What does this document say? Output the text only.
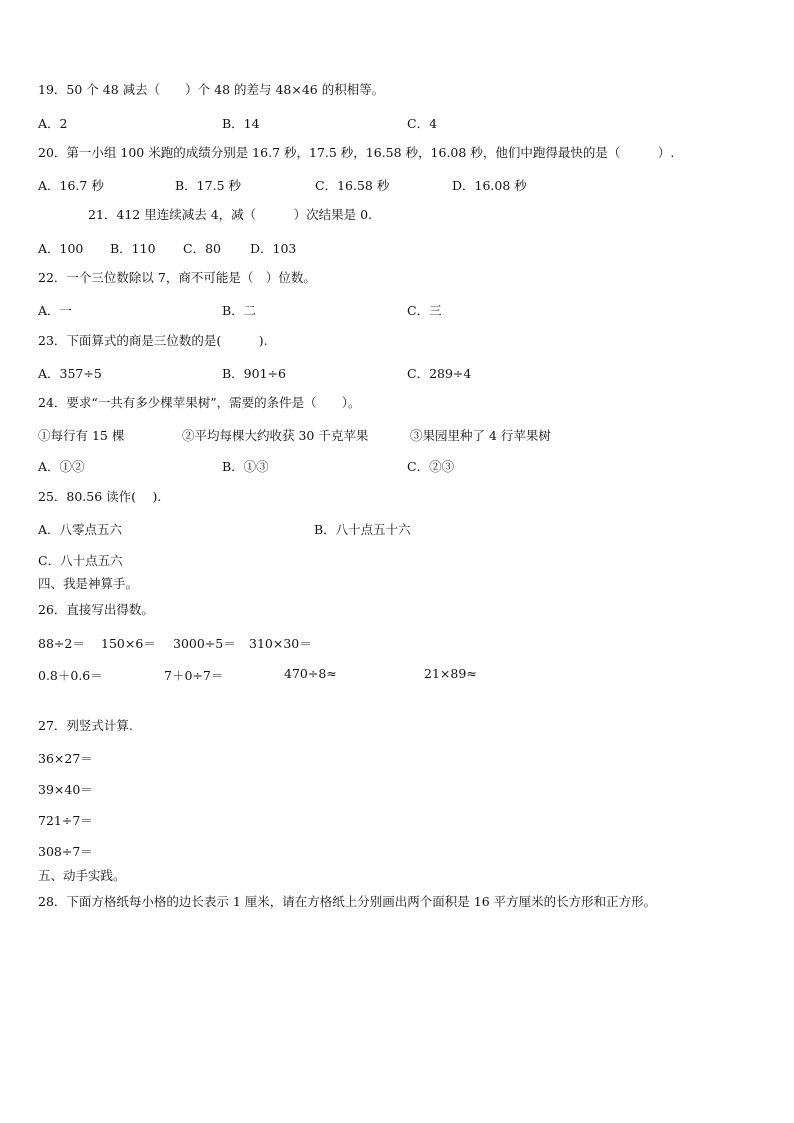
19．50 个 48 减去（　　）个 48 的差与 48×46 的积相等。
A．2	B．14	C．4
20．第一小组 100 米跑的成绩分别是 16.7 秒，17.5 秒，16.58 秒，16.08 秒，他们中跑得最快的是（　　　）.
A．16.7 秒	B．17.5 秒	C．16.58 秒	D．16.08 秒
21．412 里连续减去 4，减（　　　）次结果是 0.
A．100 B．110 C．80 D．103
22．一个三位数除以 7，商不可能是（　）位数。
A．一	B．二	C．三
23．下面算式的商是三位数的是(　　　).
A．357÷5	B．901÷6	C．289÷4
24．要求“一共有多少棵苹果树”，需要的条件是（　　）。
①每行有 15 棵	②平均每棵大约收获 30 千克苹果	③果园里种了 4 行苹果树
A．①②	B．①③	C．②③
25．80.56 读作(　 ).
A．八零点五六	B．八十点五十六
C．八十点五六
四、我是神算手。
26．直接写出得数。
88÷2＝ 150×6＝ 3000÷5＝ 310×30＝
0.8＋0.6＝	7＋0÷7＝	470÷8≈	21×89≈
27．列竖式计算.
36×27＝
39×40＝
721÷7＝
308÷7＝
五、动手实践。
28．下面方格纸每小格的边长表示 1 厘米，请在方格纸上分别画出两个面积是 16 平方厘米的长方形和正方形。
